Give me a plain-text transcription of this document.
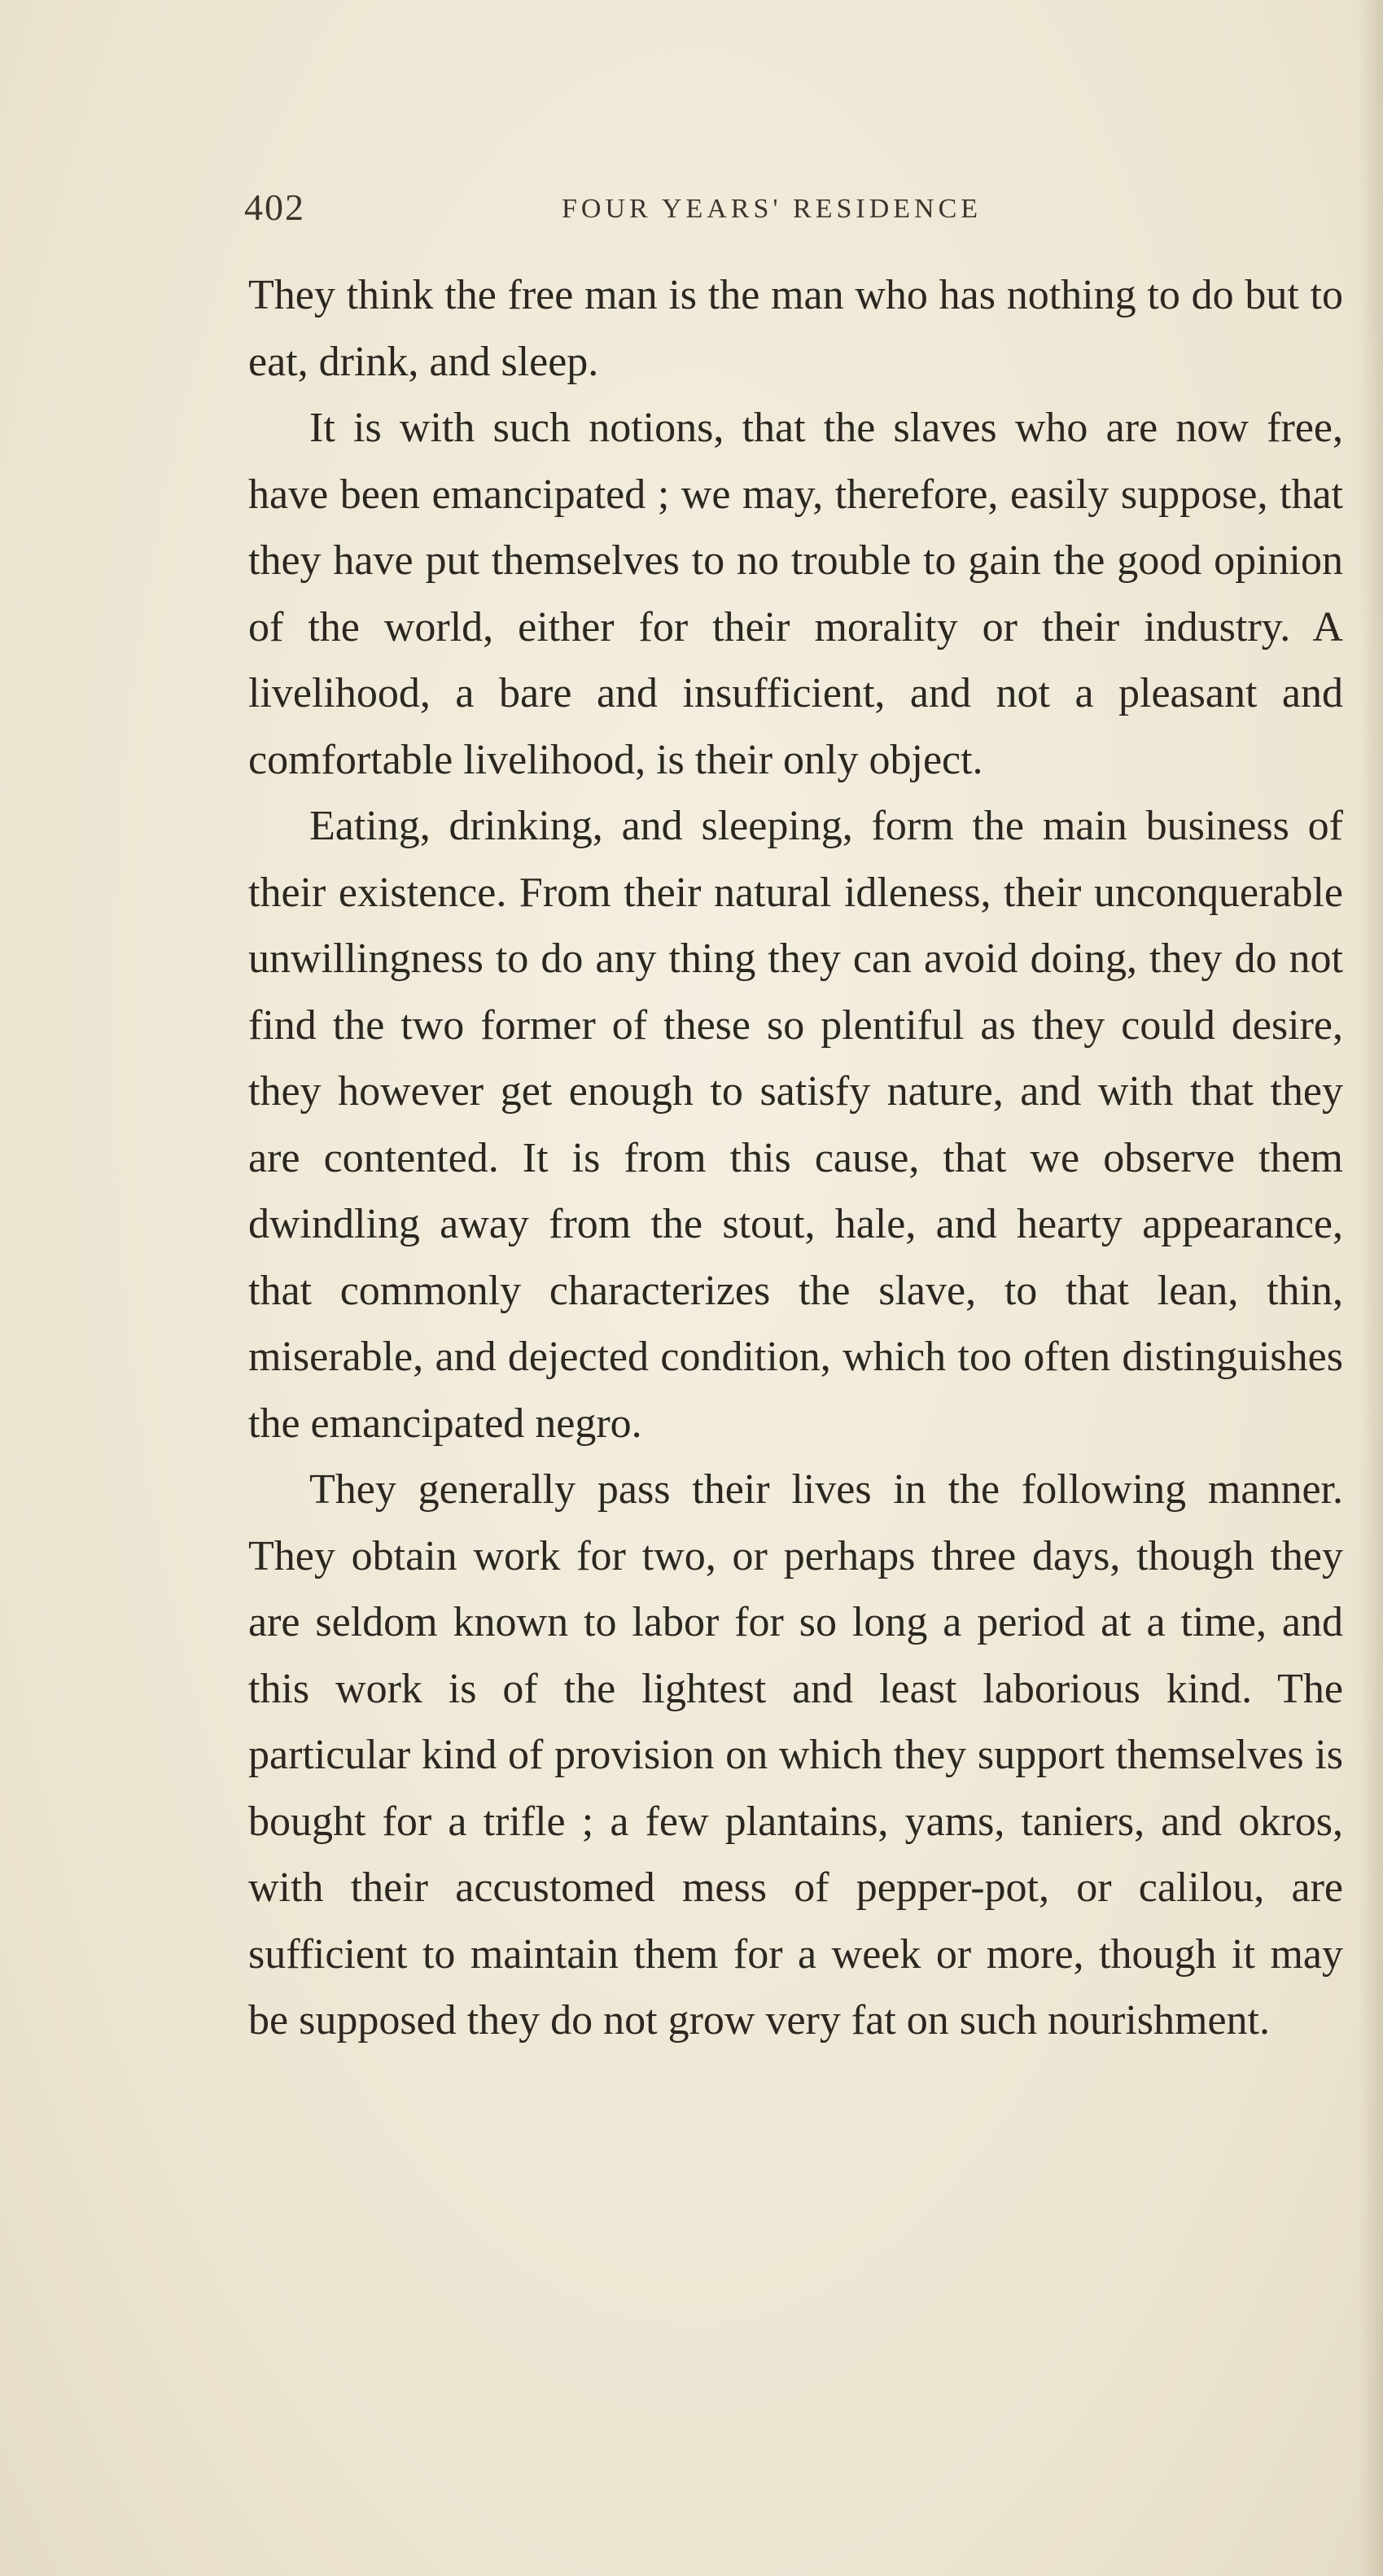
402	FOUR YEARS' RESIDENCE

They think the free man is the man who has nothing to do but to eat, drink, and sleep.

It is with such notions, that the slaves who are now free, have been emancipated ; we may, therefore, easily suppose, that they have put themselves to no trouble to gain the good opinion of the world, either for their morality or their industry. A livelihood, a bare and insufficient, and not a pleasant and comfortable livelihood, is their only object.

Eating, drinking, and sleeping, form the main business of their existence. From their natural idleness, their unconquerable unwillingness to do any thing they can avoid doing, they do not find the two former of these so plentiful as they could desire, they however get enough to satisfy nature, and with that they are contented. It is from this cause, that we observe them dwindling away from the stout, hale, and hearty appearance, that commonly characterizes the slave, to that lean, thin, miserable, and dejected condition, which too often distinguishes the emancipated negro.

They generally pass their lives in the following manner. They obtain work for two, or perhaps three days, though they are seldom known to labor for so long a period at a time, and this work is of the lightest and least laborious kind. The particular kind of provision on which they support themselves is bought for a trifle ; a few plantains, yams, taniers, and okros, with their accustomed mess of pepper-pot, or calilou, are sufficient to maintain them for a week or more, though it may be supposed they do not grow very fat on such nourishment.
